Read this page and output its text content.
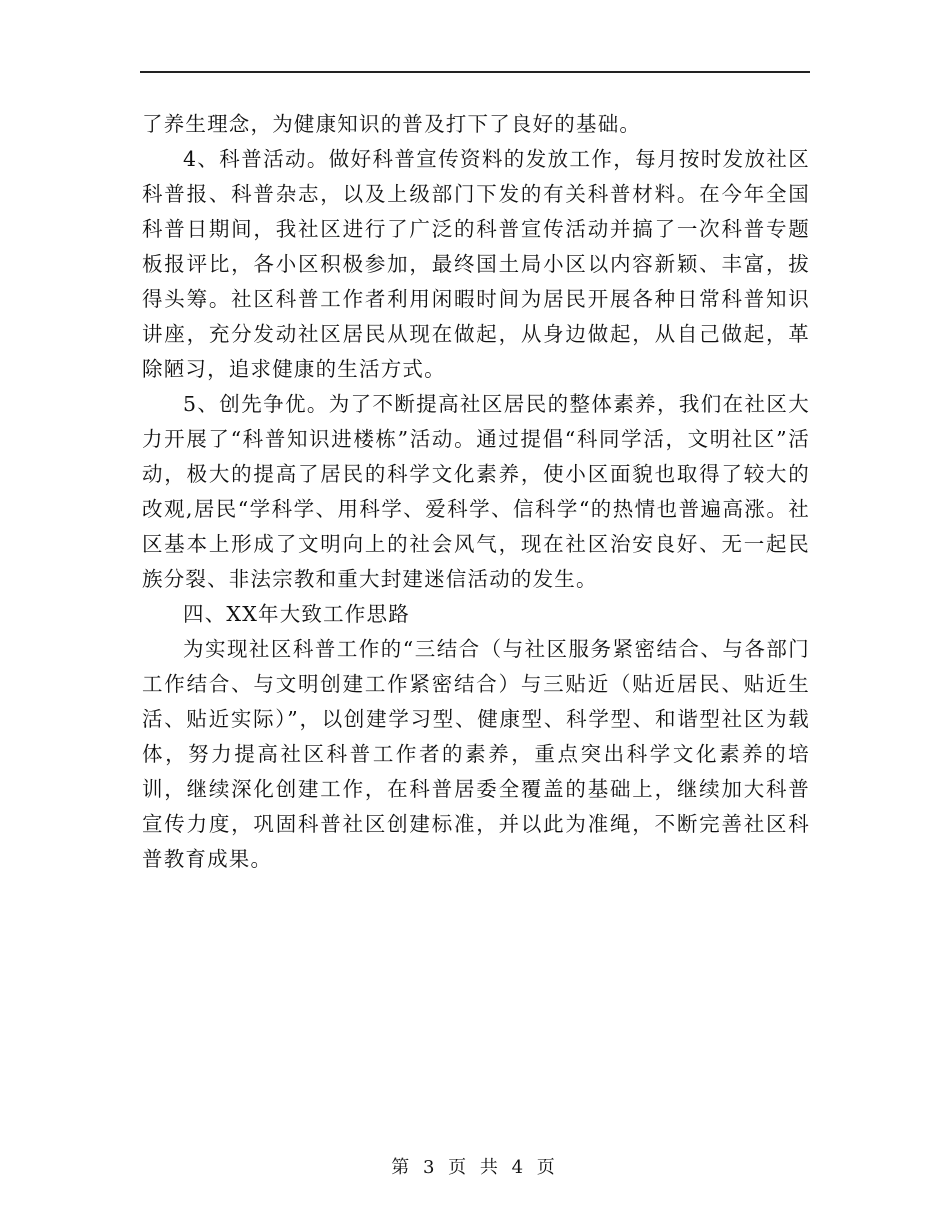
了养生理念，为健康知识的普及打下了良好的基础。

4、科普活动。做好科普宣传资料的发放工作，每月按时发放社区科普报、科普杂志，以及上级部门下发的有关科普材料。在今年全国科普日期间，我社区进行了广泛的科普宣传活动并搞了一次科普专题板报评比，各小区积极参加，最终国土局小区以内容新颖、丰富，拔得头筹。社区科普工作者利用闲暇时间为居民开展各种日常科普知识讲座，充分发动社区居民从现在做起，从身边做起，从自己做起，革除陋习，追求健康的生活方式。

5、创先争优。为了不断提高社区居民的整体素养，我们在社区大力开展了“科普知识进楼栋”活动。通过提倡“科同学活，文明社区”活动，极大的提高了居民的科学文化素养，使小区面貌也取得了较大的改观,居民“学科学、用科学、爱科学、信科学“的热情也普遍高涨。社区基本上形成了文明向上的社会风气，现在社区治安良好、无一起民族分裂、非法宗教和重大封建迷信活动的发生。

四、XX年大致工作思路

为实现社区科普工作的“三结合（与社区服务紧密结合、与各部门工作结合、与文明创建工作紧密结合）与三贴近（贴近居民、贴近生活、贴近实际）”，以创建学习型、健康型、科学型、和谐型社区为载体，努力提高社区科普工作者的素养，重点突出科学文化素养的培训，继续深化创建工作，在科普居委全覆盖的基础上，继续加大科普宣传力度，巩固科普社区创建标准，并以此为准绳，不断完善社区科普教育成果。

第 3 页 共 4 页
